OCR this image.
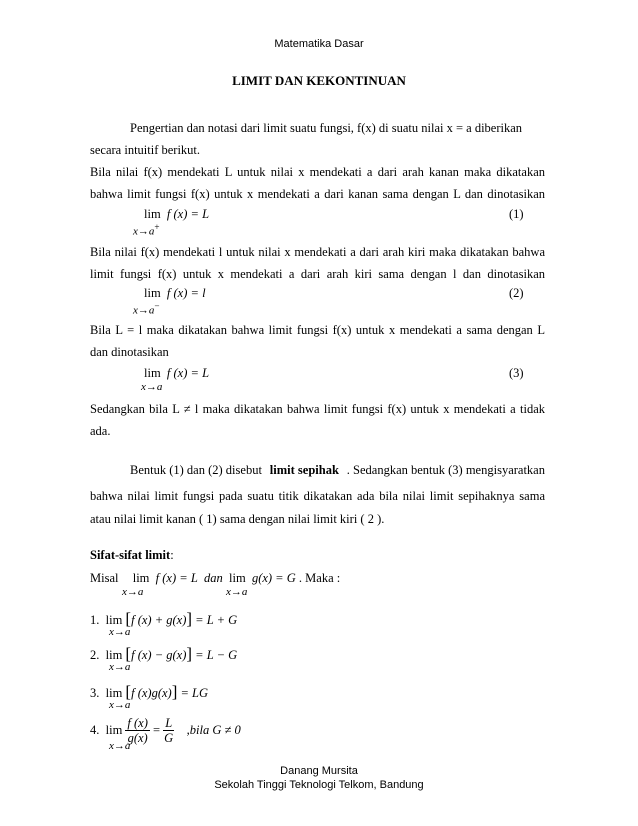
Matematika Dasar
LIMIT DAN KEKONTINUAN
Pengertian dan notasi dari limit suatu fungsi, f(x) di suatu nilai x = a diberikan
secara intuitif berikut.
Bila nilai f(x) mendekati L untuk nilai x mendekati a dari arah kanan maka dikatakan
bahwa limit fungsi f(x) untuk x mendekati a dari kanan sama dengan L dan dinotasikan
lim f (x) = L
x→a+
(1)
Bila nilai f(x) mendekati l untuk nilai x mendekati a dari arah kiri maka dikatakan bahwa
limit fungsi f(x) untuk x mendekati a dari arah kiri sama dengan l dan dinotasikan
lim f (x) = l
x→a−
(2)
Bila L = l maka dikatakan bahwa limit fungsi f(x) untuk x mendekati a sama dengan L
dan dinotasikan
lim f (x) = L
x→a
(3)
Sedangkan bila L ≠ l maka dikatakan bahwa limit fungsi f(x) untuk x mendekati a tidak
ada.
Bentuk (1) dan (2) disebut limit sepihak . Sedangkan bentuk (3) mengisyaratkan
bahwa nilai limit fungsi pada suatu titik dikatakan ada bila nilai limit sepihaknya sama
atau nilai limit kanan ( 1) sama dengan nilai limit kiri ( 2 ).
Sifat-sifat limit:
Misal lim f (x) = L dan lim g(x) = G . Maka :
x→a	x→a
1. lim [f (x) + g(x)] = L + G
x→a
2. lim [f (x) − g(x)] = L − G
x→a
3. lim [f (x)g(x)] = LG
x→a
4. $\lim \frac{f (x)}{g(x)} = \frac{L}{G}$ ,bila G ≠ 0
x→a
Danang Mursita
Sekolah Tinggi Teknologi Telkom, Bandung
